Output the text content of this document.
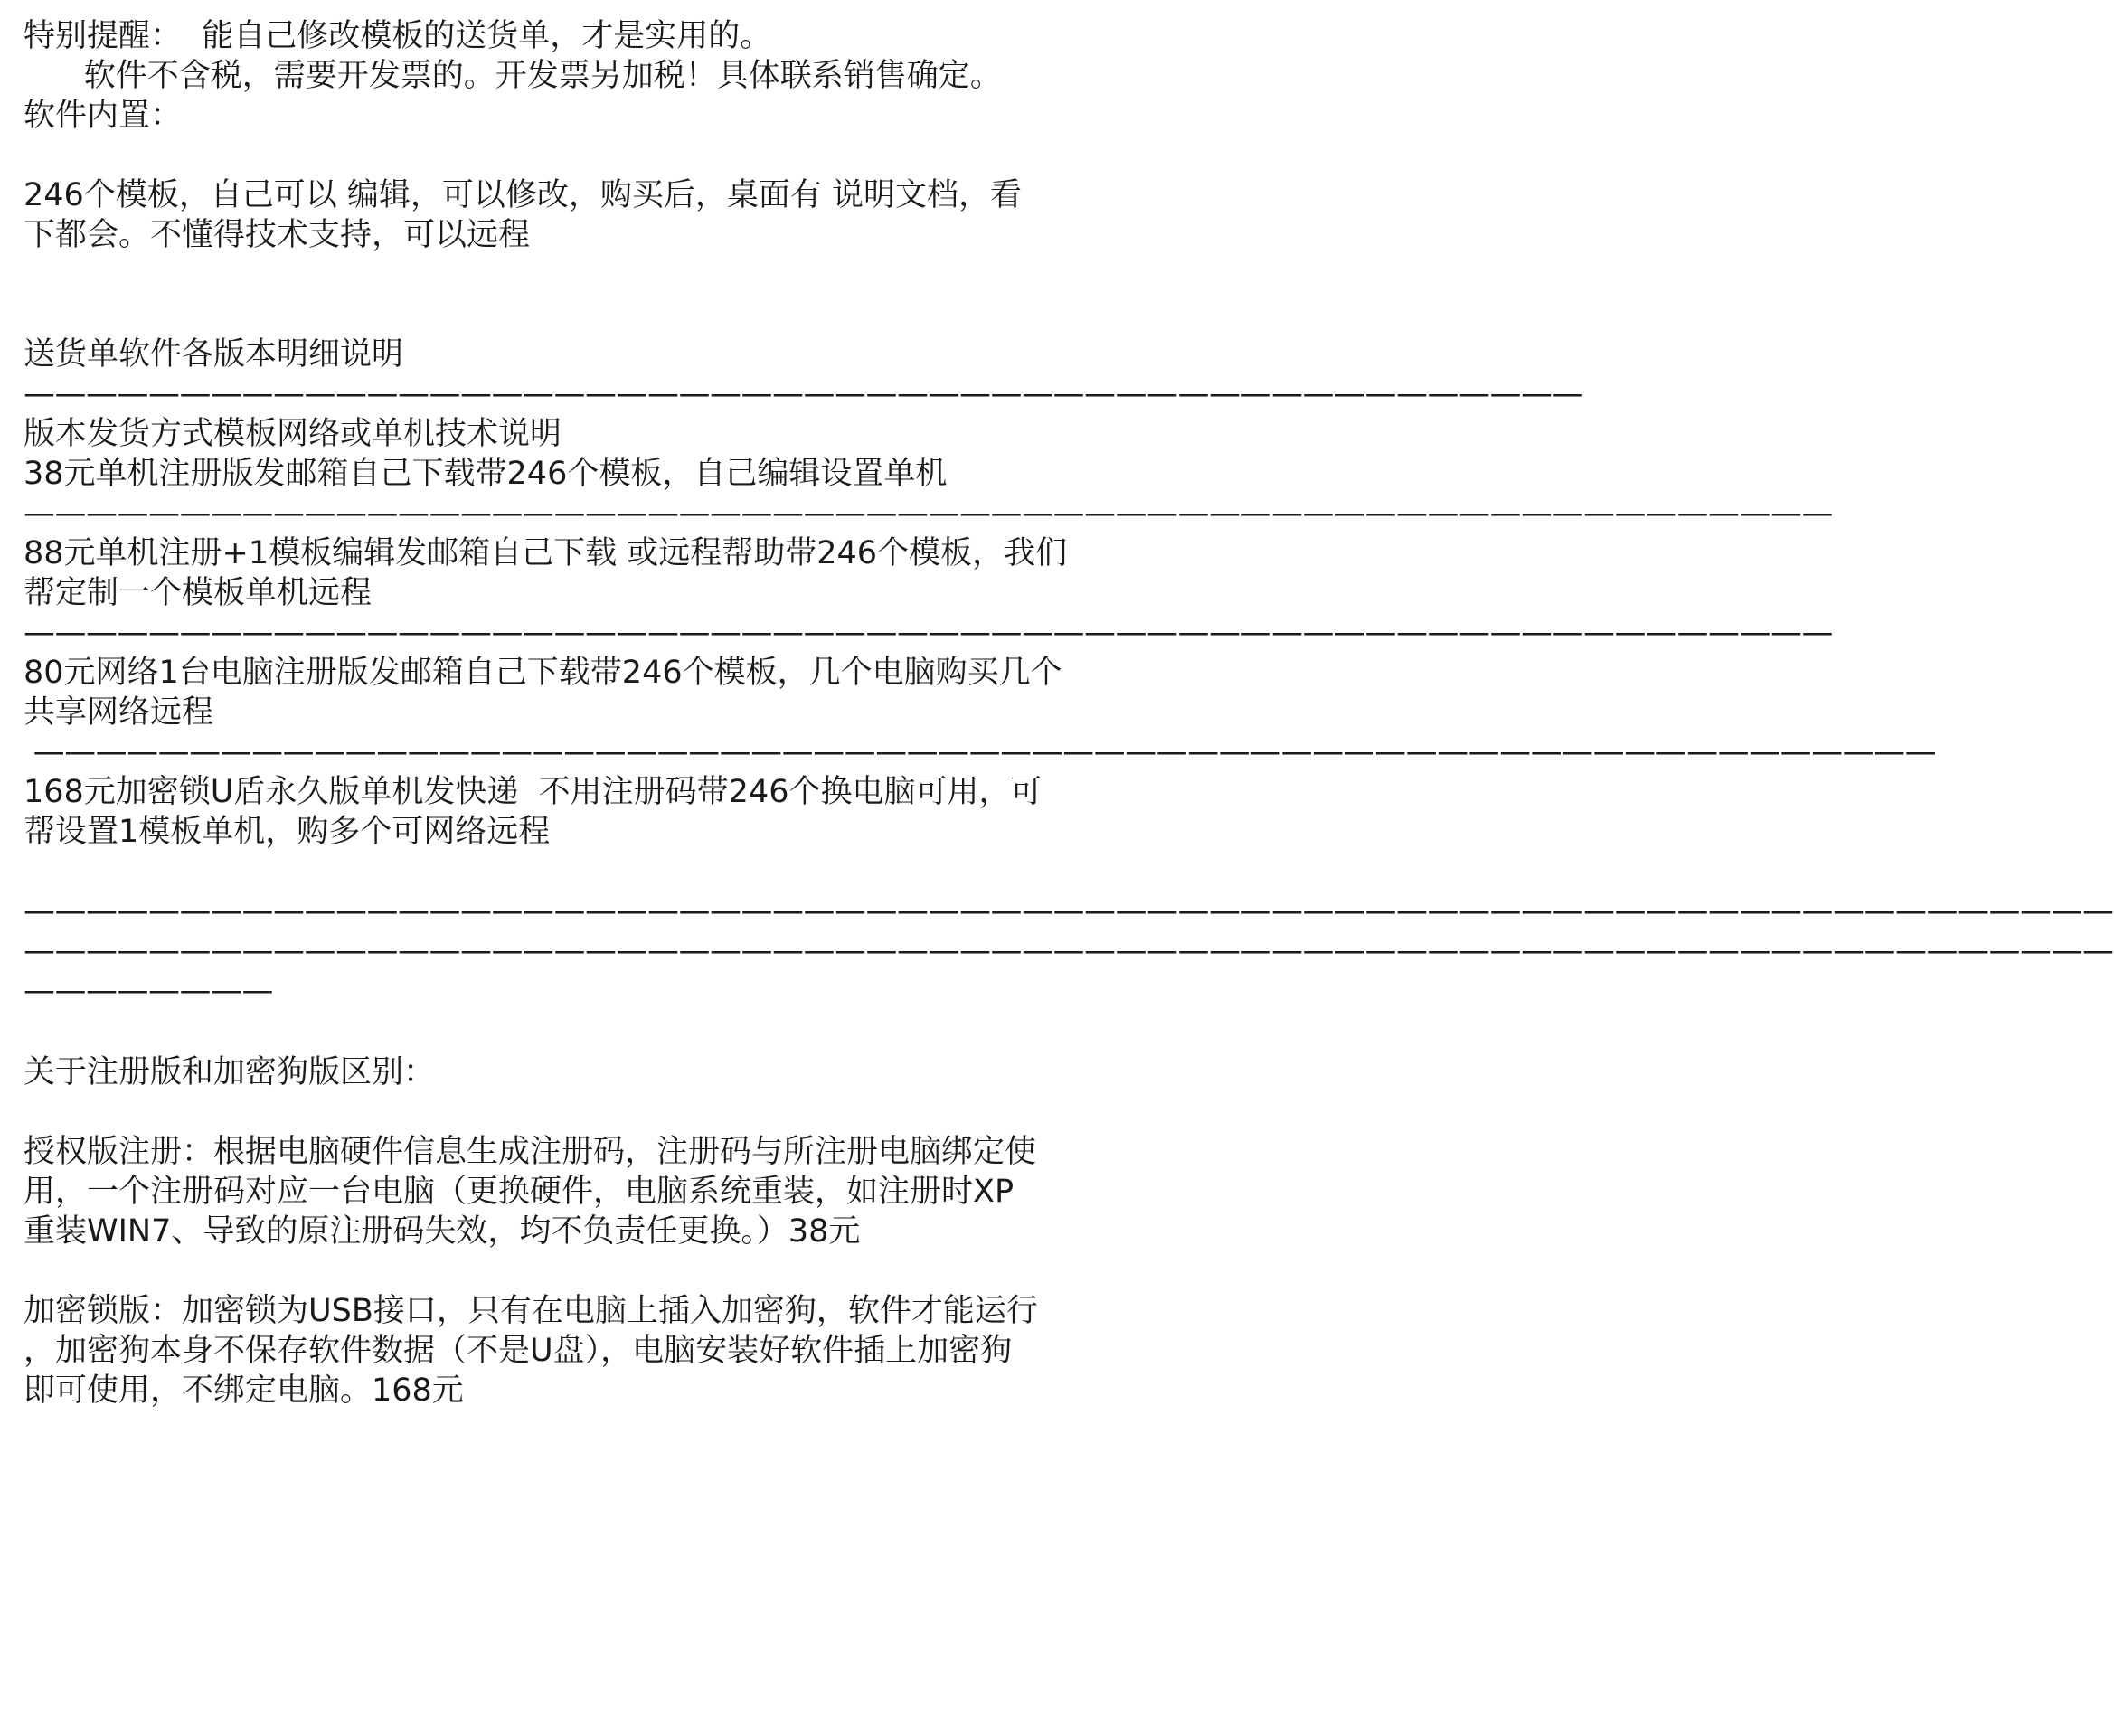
特别提醒：  能自己修改模板的送货单，才是实用的。
软件不含税，需要开发票的。开发票另加税！具体联系销售确定。
软件内置：
246个模板，自己可以 编辑，可以修改，购买后，桌面有 说明文档，看
下都会。不懂得技术支持，可以远程
送货单软件各版本明细说明
——————————————————————————————————————————————————
版本发货方式模板网络或单机技术说明
38元单机注册版发邮箱自己下载带246个模板，自己编辑设置单机
——————————————————————————————————————————————————————————
88元单机注册+1模板编辑发邮箱自己下载 或远程帮助带246个模板，我们
帮定制一个模板单机远程
——————————————————————————————————————————————————————————
80元网络1台电脑注册版发邮箱自己下载带246个模板，几个电脑购买几个
共享网络远程
—————————————————————————————————————————————————————————————
168元加密锁U盾永久版单机发快递  不用注册码带246个换电脑可用，可
帮设置1模板单机，购多个可网络远程
———————————————————————————————————————————————————————————————————
———————————————————————————————————————————————————————————————————
————————
关于注册版和加密狗版区别：
授权版注册：根据电脑硬件信息生成注册码，注册码与所注册电脑绑定使
用，一个注册码对应一台电脑（更换硬件，电脑系统重装，如注册时XP
重装WIN7、导致的原注册码失效，均不负责任更换。）38元
加密锁版：加密锁为USB接口，只有在电脑上插入加密狗，软件才能运行
，加密狗本身不保存软件数据（不是U盘），电脑安装好软件插上加密狗
即可使用，不绑定电脑。168元
